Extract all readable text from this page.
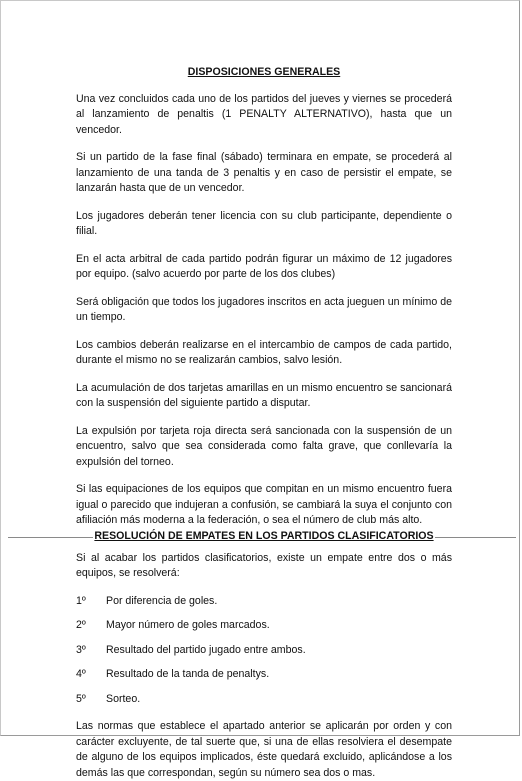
DISPOSICIONES GENERALES

Una vez concluidos cada uno de los partidos del jueves y viernes se procederá al lanzamiento de penaltis (1 PENALTY ALTERNATIVO), hasta que un vencedor.

Si un partido de la fase final (sábado) terminara en empate, se procederá al lanzamiento de una tanda de 3 penaltis y en caso de persistir el empate, se lanzarán hasta que de un vencedor.

Los jugadores deberán tener licencia con su club participante, dependiente o filial.

En el acta arbitral de cada partido podrán figurar un máximo de 12 jugadores por equipo. (salvo acuerdo por parte de los dos clubes)

Será obligación que todos los jugadores inscritos en acta jueguen un mínimo de un tiempo.

Los cambios deberán realizarse en el intercambio de campos de cada partido, durante el mismo no se realizarán cambios, salvo lesión.

La acumulación de dos tarjetas amarillas en un mismo encuentro se sancionará con la suspensión del siguiente partido a disputar.

La expulsión por tarjeta roja directa será sancionada con la suspensión de un encuentro, salvo que sea considerada como falta grave, que conllevaría la expulsión del torneo.

Si las equipaciones de los equipos que compitan en un mismo encuentro fuera igual o parecido que indujeran a confusión, se cambiará la suya el conjunto con afiliación más moderna a la federación, o sea el número de club más alto.

RESOLUCIÓN DE EMPATES EN LOS PARTIDOS CLASIFICATORIOS

Si al acabar los partidos clasificatorios, existe un empate entre dos o más equipos, se resolverá:

1º	Por diferencia de goles.
2º	Mayor número de goles marcados.
3º	Resultado del partido jugado entre ambos.
4º	Resultado de la tanda de penaltys.
5º	Sorteo.

Las normas que establece el apartado anterior se aplicarán por orden y con carácter excluyente, de tal suerte que, si una de ellas resolviera el desempate de alguno de los equipos implicados, éste quedará excluido, aplicándose a los demás las que correspondan, según su número sea dos o mas.
